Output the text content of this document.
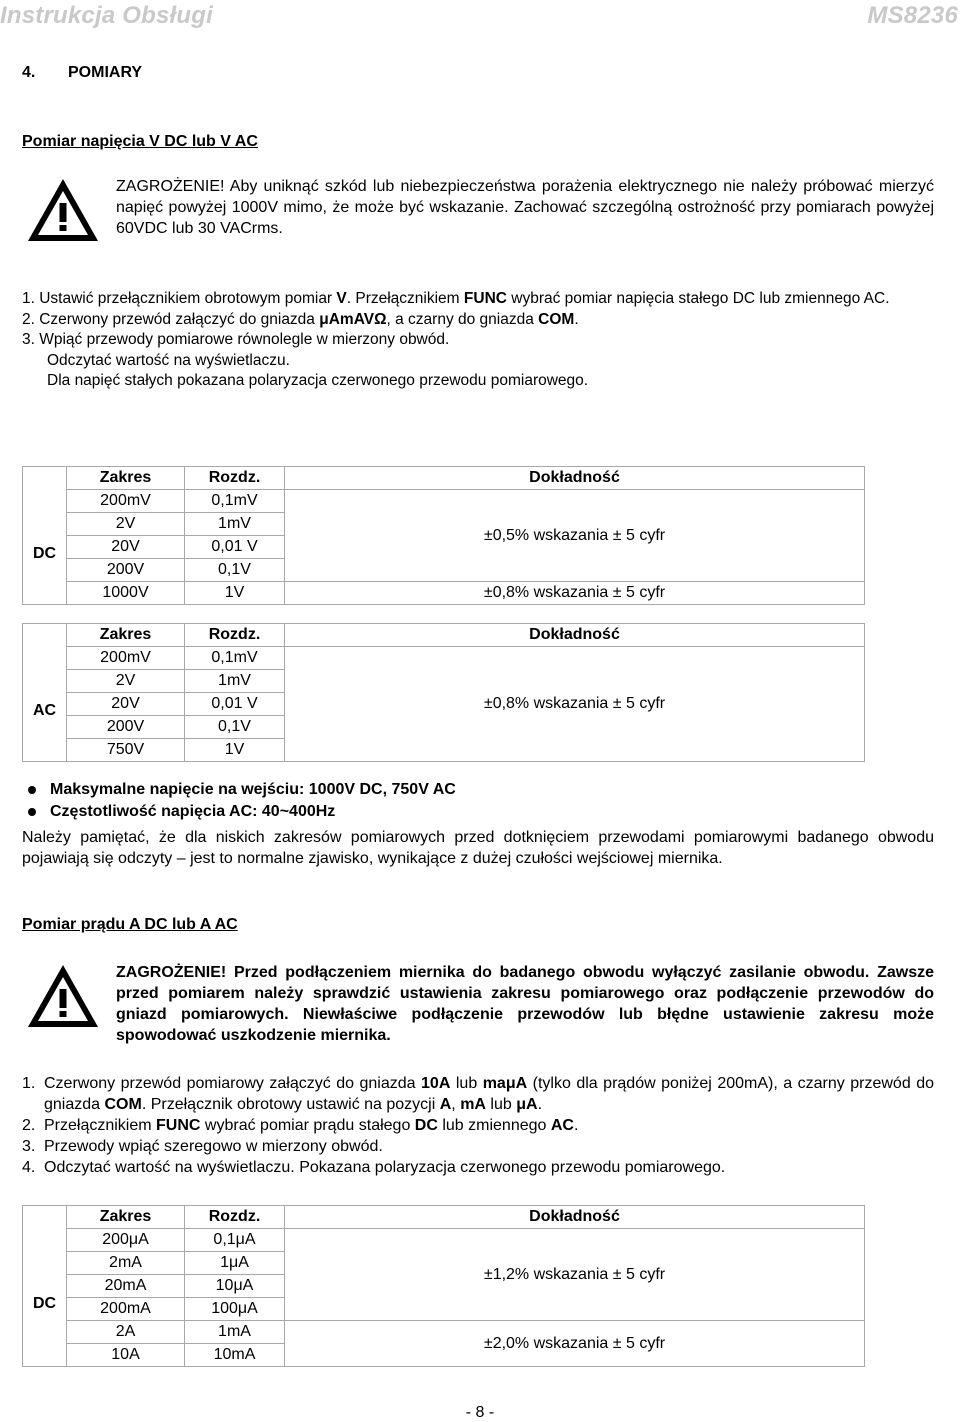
Instrukcja Obsługi	MS8236
4. POMIARY
Pomiar napięcia V DC lub V AC
ZAGROŻENIE! Aby uniknąć szkód lub niebezpieczeństwa porażenia elektrycznego nie należy próbować mierzyć napięć powyżej 1000V mimo, że może być wskazanie. Zachować szczególną ostrożność przy pomiarach powyżej 60VDC lub 30 VACrms.

1. Ustawić przełącznikiem obrotowym pomiar V. Przełącznikiem FUNC wybrać pomiar napięcia stałego DC lub zmiennego AC.

2. Czerwony przewód załączyć do gniazda μAmAVΩ, a czarny do gniazda COM.

3. Wpiąć przewody pomiarowe równolegle w mierzony obwód.

Odczytać wartość na wyświetlaczu.

Dla napięć stałych pokazana polaryzacja czerwonego przewodu pomiarowego.

DC	Zakres	Rozdz.	Dokładność
	200mV	0,1mV	±0,5% wskazania ± 5 cyfr
	2V	1mV	
	20V	0,01 V	
	200V	0,1V	
	1000V	1V	±0,8% wskazania ± 5 cyfr
AC	Zakres	Rozdz.	Dokładność
	200mV	0,1mV	±0,8% wskazania ± 5 cyfr
	2V	1mV	
	20V	0,01 V	
	200V	0,1V	
	750V	1V	
Maksymalne napięcie na wejściu: 1000V DC, 750V AC
Częstotliwość napięcia AC: 40~400Hz
Należy pamiętać, że dla niskich zakresów pomiarowych przed dotknięciem przewodami pomiarowymi badanego obwodu pojawiają się odczyty – jest to normalne zjawisko, wynikające z dużej czułości wejściowej miernika.
Pomiar prądu A DC lub A AC
ZAGROŻENIE! Przed podłączeniem miernika do badanego obwodu wyłączyć zasilanie obwodu. Zawsze przed pomiarem należy sprawdzić ustawienia zakresu pomiarowego oraz podłączenie przewodów do gniazd pomiarowych. Niewłaściwe podłączenie przewodów lub błędne ustawienie zakresu może spowodować uszkodzenie miernika.
1. Czerwony przewód pomiarowy załączyć do gniazda 10A lub maμA (tylko dla prądów poniżej 200mA), a czarny przewód do gniazda COM. Przełącznik obrotowy ustawić na pozycji A, mA lub μA.
2. Przełącznikiem FUNC wybrać pomiar prądu stałego DC lub zmiennego AC.
3. Przewody wpiąć szeregowo w mierzony obwód.
4. Odczytać wartość na wyświetlaczu. Pokazana polaryzacja czerwonego przewodu pomiarowego.
DC	Zakres	Rozdz.	Dokładność
	200μA	0,1μA	±1,2% wskazania ± 5 cyfr
	2mA	1μA	
	20mA	10μA	
	200mA	100μA	
	2A	1mA	±2,0% wskazania ± 5 cyfr
	10A	10mA	
- 8 -
